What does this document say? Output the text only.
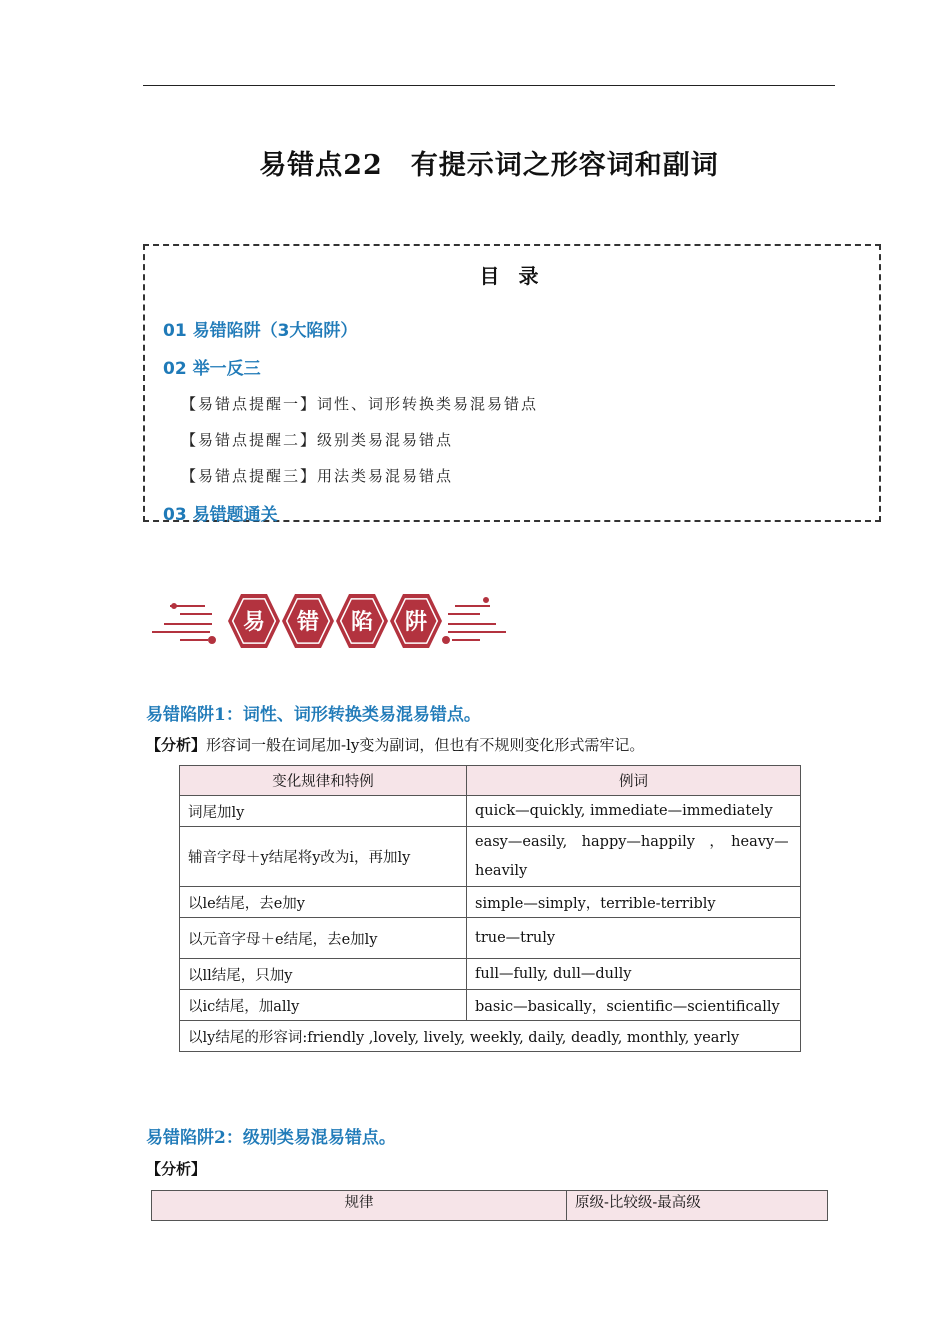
易错点22　有提示词之形容词和副词
目 录
01 易错陷阱（3大陷阱）
02 举一反三
【易错点提醒一】词性、词形转换类易混易错点
【易错点提醒二】级别类易混易错点
【易错点提醒三】用法类易混易错点
03 易错题通关
易 错 陷 阱
易错陷阱1：词性、词形转换类易混易错点。
【分析】形容词一般在词尾加-ly变为副词，但也有不规则变化形式需牢记。
变化规律和特例	例词
词尾加ly	quick—quickly, immediate—immediately
辅音字母＋y结尾将y改为i，再加ly	easy—easily,　happy—happily　，　heavy—heavily
以le结尾，去e加y	simple—simply，terrible-terribly
以元音字母＋e结尾，去e加ly	true—truly
以ll结尾，只加y	full—fully, dull—dully
以ic结尾，加ally	basic—basically，scientific—scientifically
以ly结尾的形容词:friendly ,lovely, lively, weekly, daily, deadly, monthly, yearly	
易错陷阱2：级别类易混易错点。
【分析】
规律	原级-比较级-最高级
